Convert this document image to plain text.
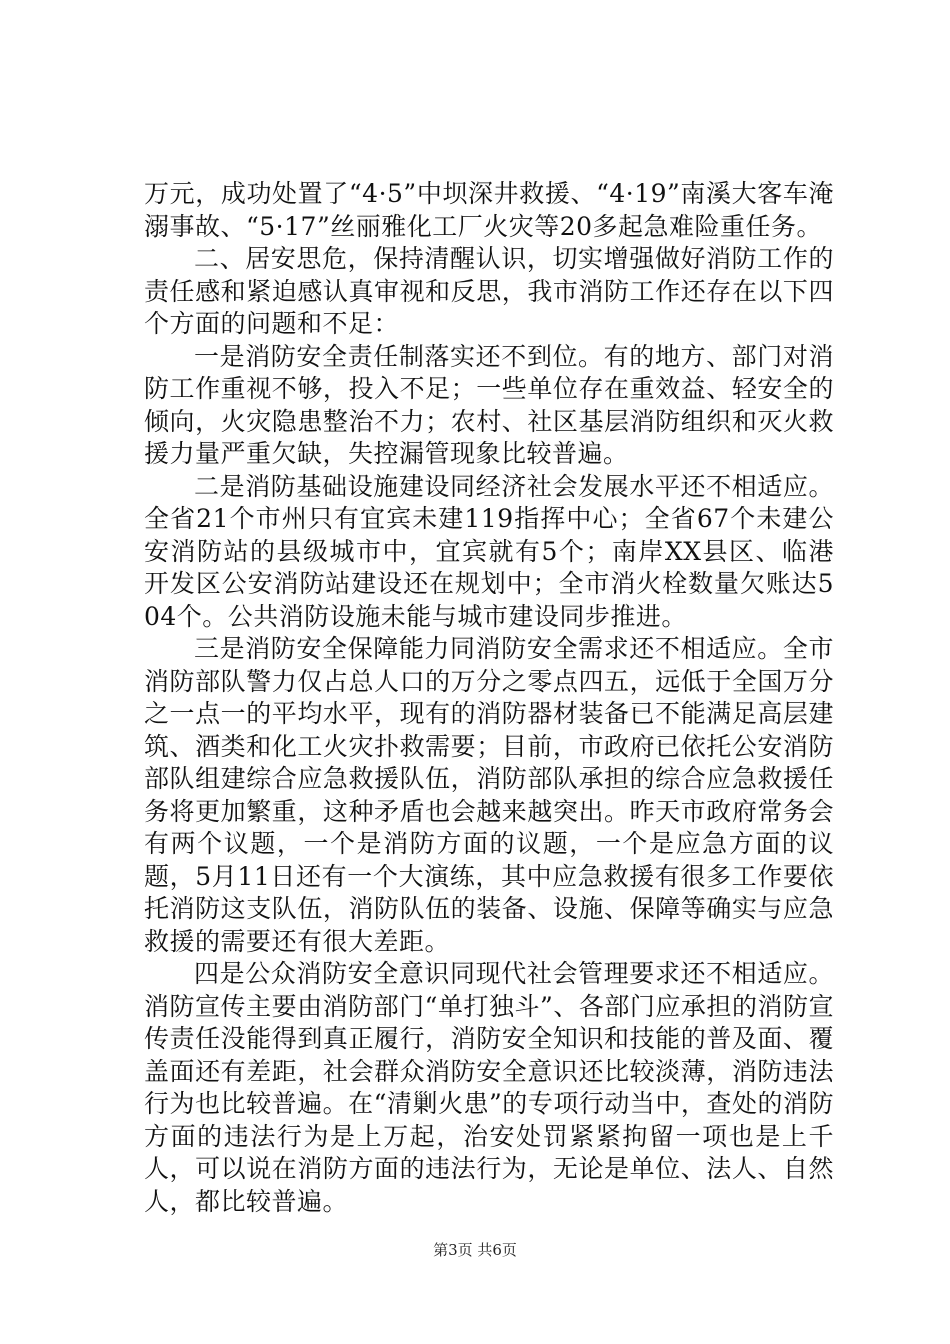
万元，成功处置了“4·5”中坝深井救援、“4·19”南溪大客车淹溺事故、“5·17”丝丽雅化工厂火灾等20多起急难险重任务。

二、居安思危，保持清醒认识，切实增强做好消防工作的责任感和紧迫感认真审视和反思，我市消防工作还存在以下四个方面的问题和不足：

一是消防安全责任制落实还不到位。有的地方、部门对消防工作重视不够，投入不足；一些单位存在重效益、轻安全的倾向，火灾隐患整治不力；农村、社区基层消防组织和灭火救援力量严重欠缺，失控漏管现象比较普遍。

二是消防基础设施建设同经济社会发展水平还不相适应。全省21个市州只有宜宾未建119指挥中心；全省67个未建公安消防站的县级城市中，宜宾就有5个；南岸XX县区、临港开发区公安消防站建设还在规划中；全市消火栓数量欠账达504个。公共消防设施未能与城市建设同步推进。

三是消防安全保障能力同消防安全需求还不相适应。全市消防部队警力仅占总人口的万分之零点四五，远低于全国万分之一点一的平均水平，现有的消防器材装备已不能满足高层建筑、酒类和化工火灾扑救需要；目前，市政府已依托公安消防部队组建综合应急救援队伍，消防部队承担的综合应急救援任务将更加繁重，这种矛盾也会越来越突出。昨天市政府常务会有两个议题，一个是消防方面的议题，一个是应急方面的议题，5月11日还有一个大演练，其中应急救援有很多工作要依托消防这支队伍，消防队伍的装备、设施、保障等确实与应急救援的需要还有很大差距。

四是公众消防安全意识同现代社会管理要求还不相适应。消防宣传主要由消防部门“单打独斗”、各部门应承担的消防宣传责任没能得到真正履行，消防安全知识和技能的普及面、覆盖面还有差距，社会群众消防安全意识还比较淡薄，消防违法行为也比较普遍。在“清剿火患”的专项行动当中，查处的消防方面的违法行为是上万起，治安处罚紧紧拘留一项也是上千人，可以说在消防方面的违法行为，无论是单位、法人、自然人，都比较普遍。

第3页 共6页
